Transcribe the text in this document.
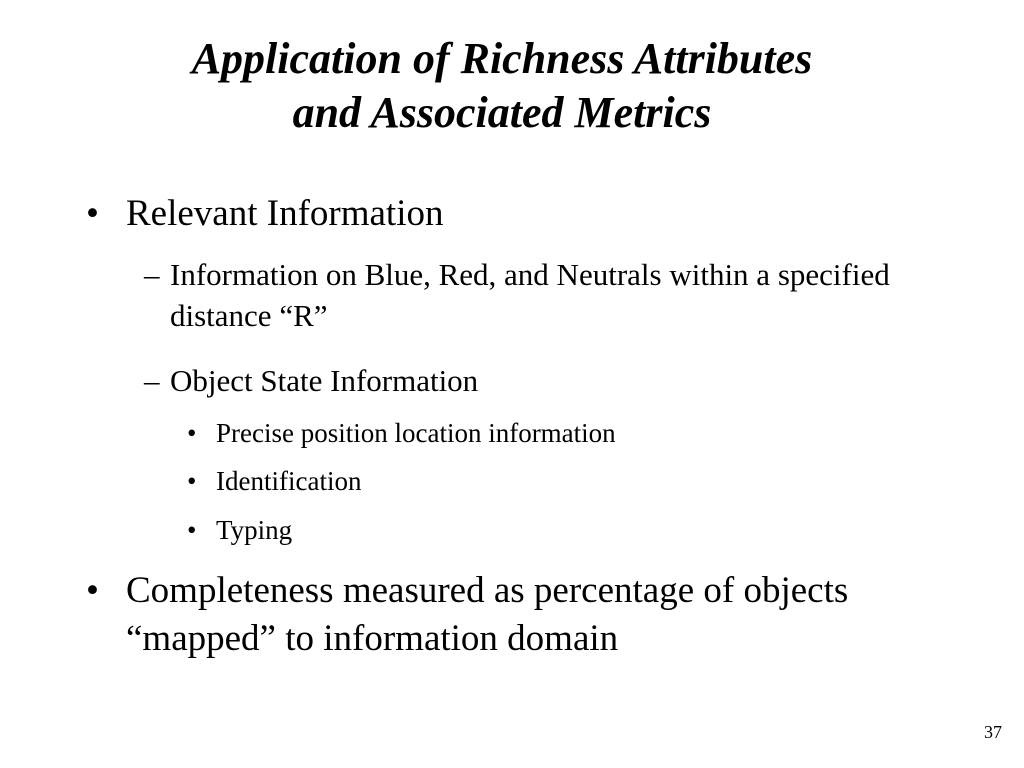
Application of Richness Attributes
and Associated Metrics
• Relevant Information
– Information on Blue, Red, and Neutrals within a specified distance “R”
– Object State Information
• Precise position location information
• Identification
• Typing
• Completeness measured as percentage of objects “mapped” to information domain
37
